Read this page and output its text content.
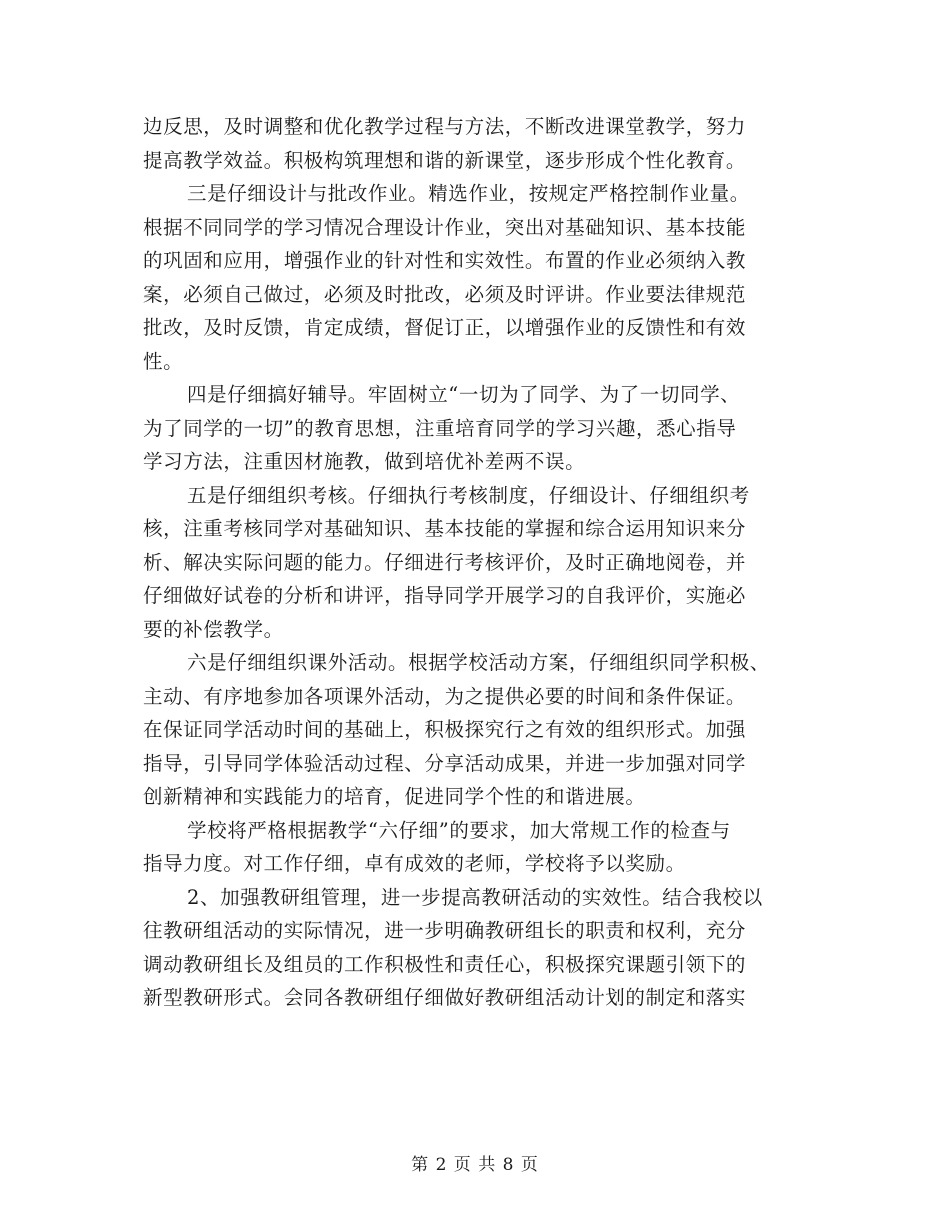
边反思，及时调整和优化教学过程与方法，不断改进课堂教学，努力
提高教学效益。积极构筑理想和谐的新课堂，逐步形成个性化教育。
三是仔细设计与批改作业。精选作业，按规定严格控制作业量。
根据不同同学的学习情况合理设计作业，突出对基础知识、基本技能
的巩固和应用，增强作业的针对性和实效性。布置的作业必须纳入教
案，必须自己做过，必须及时批改，必须及时评讲。作业要法律规范
批改，及时反馈，肯定成绩，督促订正，以增强作业的反馈性和有效
性。
四是仔细搞好辅导。牢固树立“一切为了同学、为了一切同学、
为了同学的一切”的教育思想，注重培育同学的学习兴趣，悉心指导
学习方法，注重因材施教，做到培优补差两不误。
五是仔细组织考核。仔细执行考核制度，仔细设计、仔细组织考
核，注重考核同学对基础知识、基本技能的掌握和综合运用知识来分
析、解决实际问题的能力。仔细进行考核评价，及时正确地阅卷，并
仔细做好试卷的分析和讲评，指导同学开展学习的自我评价，实施必
要的补偿教学。
六是仔细组织课外活动。根据学校活动方案，仔细组织同学积极、
主动、有序地参加各项课外活动，为之提供必要的时间和条件保证。
在保证同学活动时间的基础上，积极探究行之有效的组织形式。加强
指导，引导同学体验活动过程、分享活动成果，并进一步加强对同学
创新精神和实践能力的培育，促进同学个性的和谐进展。
学校将严格根据教学“六仔细”的要求，加大常规工作的检查与
指导力度。对工作仔细，卓有成效的老师，学校将予以奖励。
2、加强教研组管理，进一步提高教研活动的实效性。结合我校以
往教研组活动的实际情况，进一步明确教研组长的职责和权利，充分
调动教研组长及组员的工作积极性和责任心，积极探究课题引领下的
新型教研形式。会同各教研组仔细做好教研组活动计划的制定和落实
第 2 页 共 8 页
